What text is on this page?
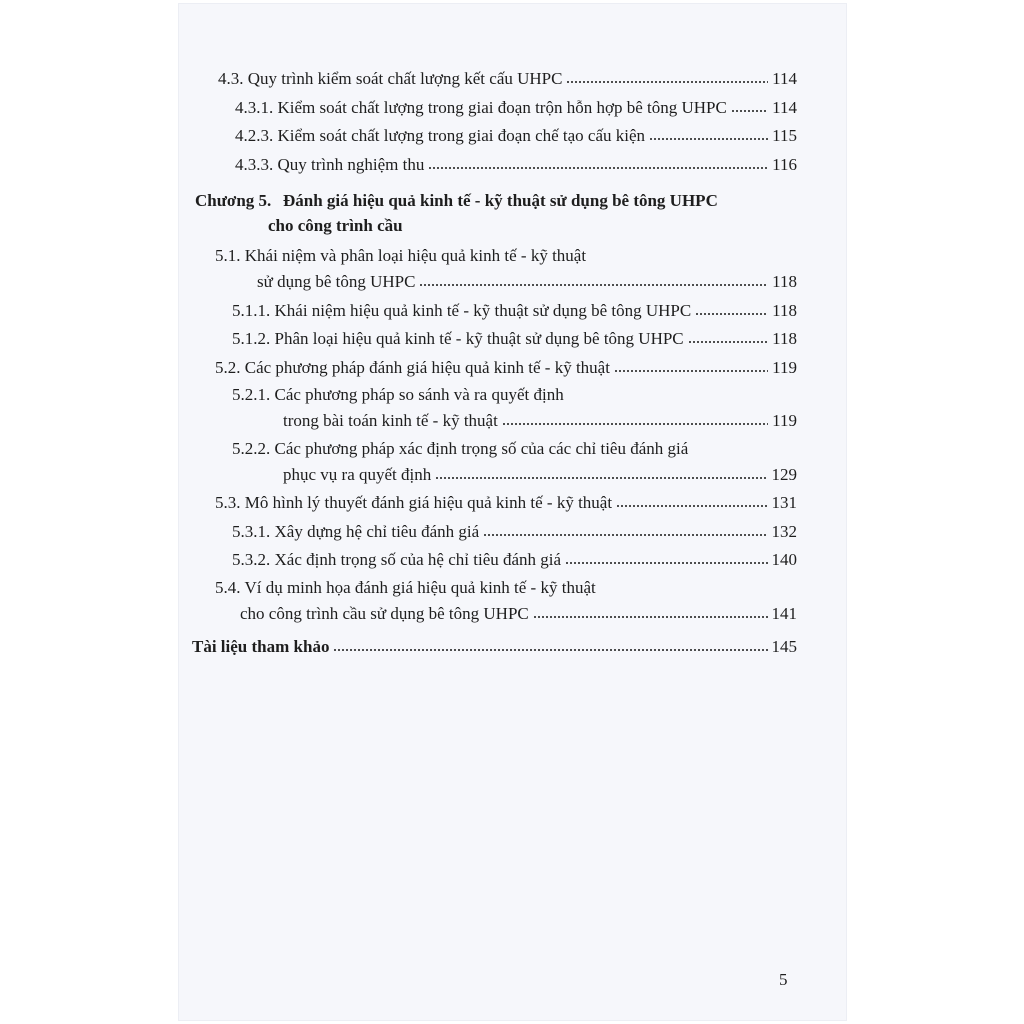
4.3. Quy trình kiểm soát chất lượng kết cấu UHPC	114
4.3.1. Kiểm soát chất lượng trong giai đoạn trộn hỗn hợp bê tông UHPC	114
4.2.3. Kiểm soát chất lượng trong giai đoạn chế tạo cấu kiện	115
4.3.3. Quy trình nghiệm thu	116
Chương 5. Đánh giá hiệu quả kinh tế - kỹ thuật sử dụng bê tông UHPC
cho công trình cầu
5.1. Khái niệm và phân loại hiệu quả kinh tế - kỹ thuật
sử dụng bê tông UHPC	118
5.1.1. Khái niệm hiệu quả kinh tế - kỹ thuật sử dụng bê tông UHPC	118
5.1.2. Phân loại hiệu quả kinh tế - kỹ thuật sử dụng bê tông UHPC	118
5.2. Các phương pháp đánh giá hiệu quả kinh tế - kỹ thuật	119
5.2.1. Các phương pháp so sánh và ra quyết định
trong bài toán kinh tế - kỹ thuật	119
5.2.2. Các phương pháp xác định trọng số của các chỉ tiêu đánh giá
phục vụ ra quyết định	129
5.3. Mô hình lý thuyết đánh giá hiệu quả kinh tế - kỹ thuật	131
5.3.1. Xây dựng hệ chỉ tiêu đánh giá	132
5.3.2. Xác định trọng số của hệ chỉ tiêu đánh giá	140
5.4. Ví dụ minh họa đánh giá hiệu quả kinh tế - kỹ thuật
cho công trình cầu sử dụng bê tông UHPC	141
Tài liệu tham khảo	145
5
